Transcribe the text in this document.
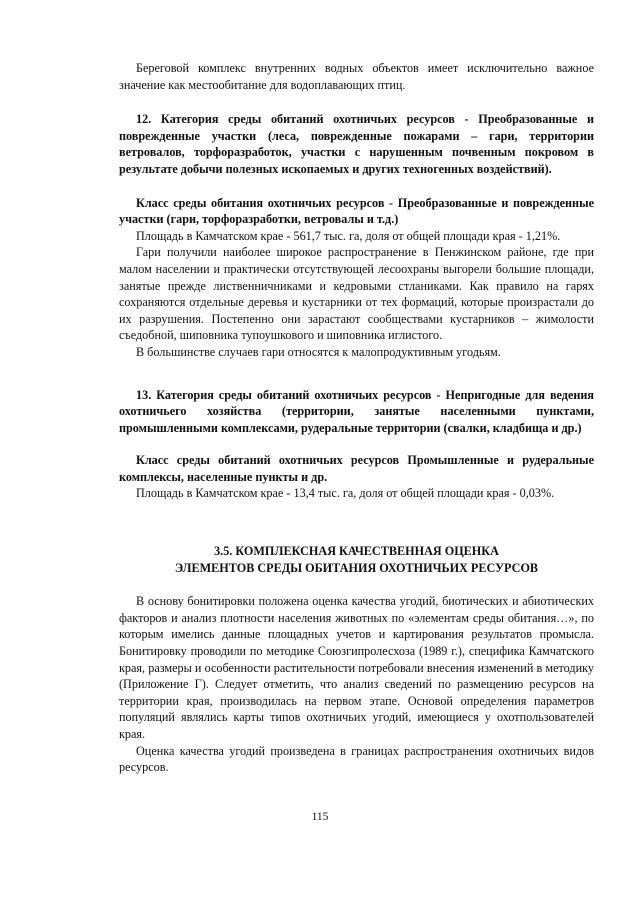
Береговой комплекс внутренних водных объектов имеет исключительно важное значение как местообитание для водоплавающих птиц.

12. Категория среды обитаний охотничьих ресурсов - Преобразованные и поврежденные участки (леса, поврежденные пожарами – гари, территории ветровалов, торфоразработок, участки с нарушенным почвенным покровом в результате добычи полезных ископаемых и других техногенных воздействий).

Класс среды обитания охотничьих ресурсов - Преобразованные и поврежденные участки (гари, торфоразработки, ветровалы и т.д.)

Площадь в Камчатском крае - 561,7 тыс. га, доля от общей площади края - 1,21%.

Гари получили наиболее широкое распространение в Пенжинском районе, где при малом населении и практически отсутствующей лесоохраны выгорели большие площади, занятые прежде лиственничниками и кедровыми стланиками. Как правило на гарях сохраняются отдельные деревья и кустарники от тех формаций, которые произрастали до их разрушения. Постепенно они зарастают сообществами кустарников – жимолости съедобной, шиповника тупоушкового и шиповника иглистого.

В большинстве случаев гари относятся к малопродуктивным угодьям.

13. Категория среды обитаний охотничьих ресурсов - Непригодные для ведения охотничьего хозяйства (территории, занятые населенными пунктами, промышленными комплексами, рудеральные территории (свалки, кладбища и др.)

Класс среды обитаний охотничьих ресурсов Промышленные и рудеральные комплексы, населенные пункты и др.

Площадь в Камчатском крае - 13,4 тыс. га, доля от общей площади края - 0,03%.

3.5. КОМПЛЕКСНАЯ КАЧЕСТВЕННАЯ ОЦЕНКА

ЭЛЕМЕНТОВ СРЕДЫ ОБИТАНИЯ ОХОТНИЧЬИХ РЕСУРСОВ

В основу бонитировки положена оценка качества угодий, биотических и абиотических факторов и анализ плотности населения животных по «элементам среды обитания…», по которым имелись данные площадных учетов и картирования результатов промысла. Бонитировку проводили по методике Союзгипролесхоза (1989 г.), специфика Камчатского края, размеры и особенности растительности потребовали внесения изменений в методику (Приложение Г). Следует отметить, что анализ сведений по размещению ресурсов на территории края, производилась на первом этапе. Основой определения параметров популяций являлись карты типов охотничьих угодий, имеющиеся у охотпользователей края.

Оценка качества угодий произведена в границах распространения охотничьих видов ресурсов.

115
